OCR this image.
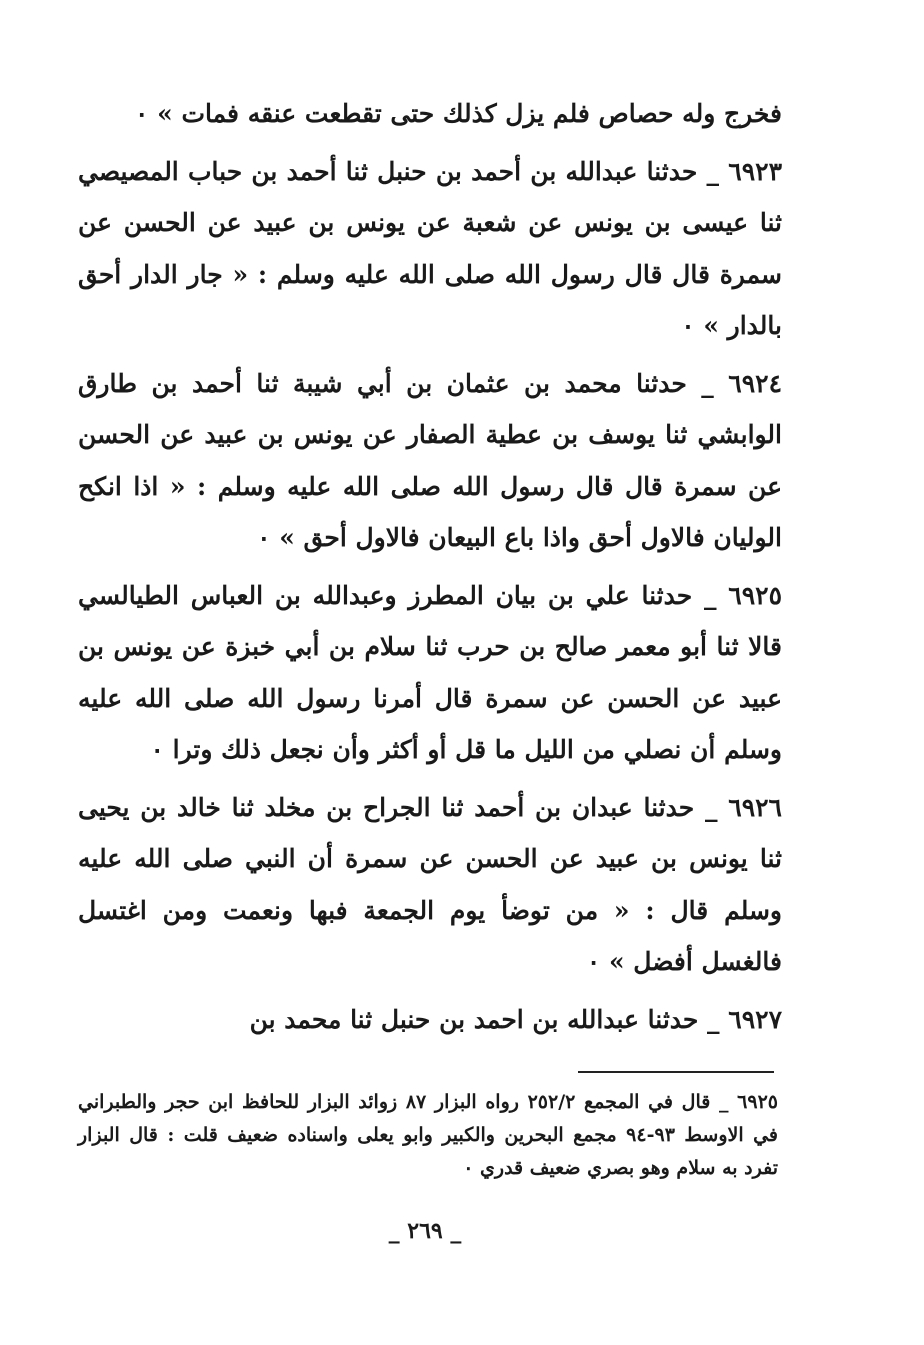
فخرج وله حصاص فلم يزل كذلك حتى تقطعت عنقه فمات » ٠

٦٩٢٣ _ حدثنا عبدالله بن أحمد بن حنبل ثنا أحمد بن حباب المصيصي ثنا عيسى بن يونس عن شعبة عن يونس بن عبيد عن الحسن عن سمرة قال قال رسول الله صلى الله عليه وسلم : « جار الدار أحق بالدار » ٠

٦٩٢٤ _ حدثنا محمد بن عثمان بن أبي شيبة ثنا أحمد بن طارق الوابشي ثنا يوسف بن عطية الصفار عن يونس بن عبيد عن الحسن عن سمرة قال قال رسول الله صلى الله عليه وسلم : « اذا انكح الوليان فالاول أحق واذا باع البيعان فالاول أحق » ٠

٦٩٢٥ _ حدثنا علي بن بيان المطرز وعبدالله بن العباس الطيالسي قالا ثنا أبو معمر صالح بن حرب ثنا سلام بن أبي خبزة عن يونس بن عبيد عن الحسن عن سمرة قال أمرنا رسول الله صلى الله عليه وسلم أن نصلي من الليل ما قل أو أكثر وأن نجعل ذلك وترا ٠

٦٩٢٦ _ حدثنا عبدان بن أحمد ثنا الجراح بن مخلد ثنا خالد بن يحيى ثنا يونس بن عبيد عن الحسن عن سمرة أن النبي صلى الله عليه وسلم قال : « من توضأ يوم الجمعة فبها ونعمت ومن اغتسل فالغسل أفضل » ٠

٦٩٢٧ _ حدثنا عبدالله بن احمد بن حنبل ثنا محمد بن

٦٩٢٥ _ قال في المجمع ٢٥٢/٢ رواه البزار ٨٧ زوائد البزار للحافظ ابن حجر والطبراني في الاوسط ٩٣-٩٤ مجمع البحرين والكبير وابو يعلى واسناده ضعيف قلت : قال البزار تفرد به سلام وهو بصري ضعيف قدري ٠

_ ٢٦٩ _
